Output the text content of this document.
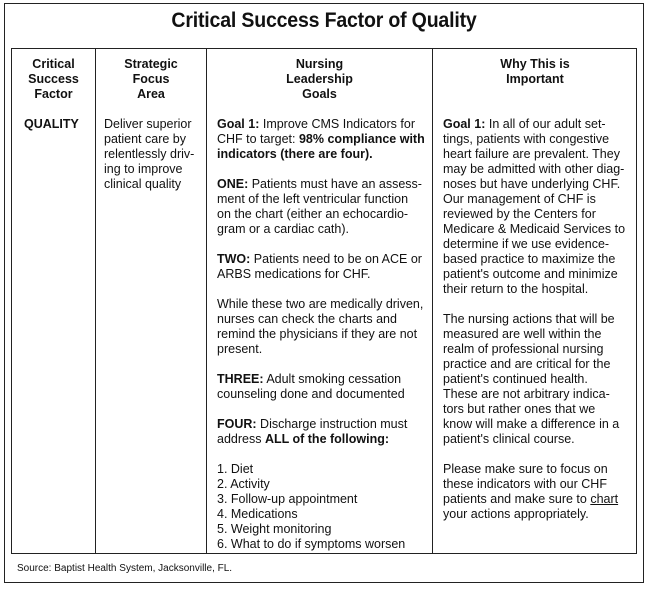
Critical Success Factor of Quality
Critical
Success
Factor
QUALITY
Strategic
Focus
Area
Deliver superior
patient care by
relentlessly driv-
ing to improve
clinical quality
Nursing
Leadership
Goals
Goal 1: Improve CMS Indicators for
CHF to target: 98% compliance with
indicators (there are four).
ONE: Patients must have an assess-
ment of the left ventricular function
on the chart (either an echocardio-
gram or a cardiac cath).
TWO: Patients need to be on ACE or
ARBS medications for CHF.
While these two are medically driven,
nurses can check the charts and
remind the physicians if they are not
present.
THREE: Adult smoking cessation
counseling done and documented
FOUR: Discharge instruction must
address ALL of the following:
1. Diet
2. Activity
3. Follow-up appointment
4. Medications
5. Weight monitoring
6. What to do if symptoms worsen
Why This is
Important
Goal 1: In all of our adult set-
tings, patients with congestive
heart failure are prevalent. They
may be admitted with other diag-
noses but have underlying CHF.
Our management of CHF is
reviewed by the Centers for
Medicare & Medicaid Services to
determine if we use evidence-
based practice to maximize the
patient's outcome and minimize
their return to the hospital.
The nursing actions that will be
measured are well within the
realm of professional nursing
practice and are critical for the
patient's continued health.
These are not arbitrary indica-
tors but rather ones that we
know will make a difference in a
patient's clinical course.
Please make sure to focus on
these indicators with our CHF
patients and make sure to chart
your actions appropriately.
Source: Baptist Health System, Jacksonville, FL.
